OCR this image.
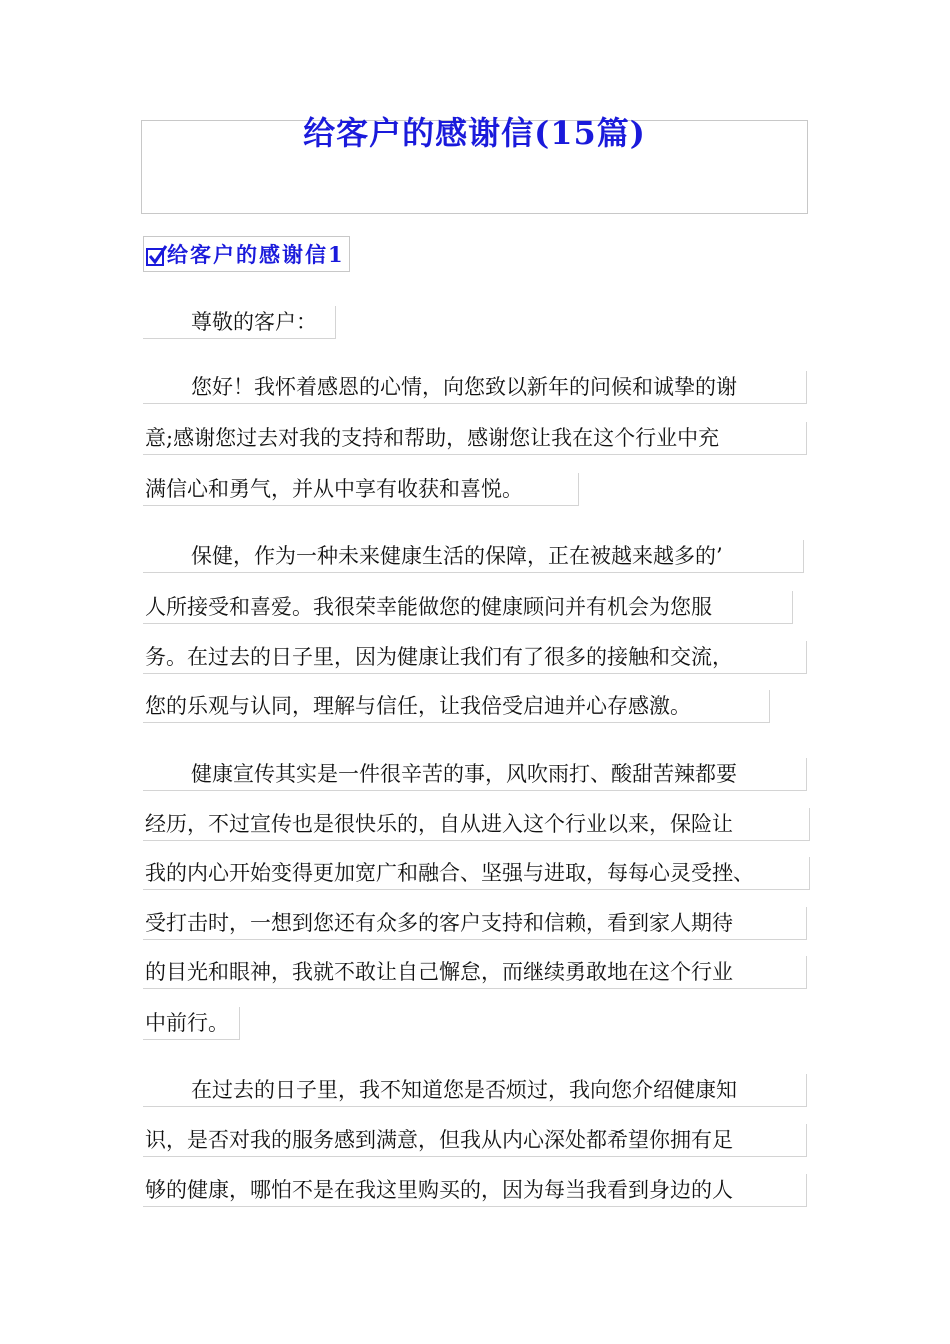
给客户的感谢信(15篇)
给客户的感谢信1
尊敬的客户：
您好！我怀着感恩的心情，向您致以新年的问候和诚挚的谢
意;感谢您过去对我的支持和帮助，感谢您让我在这个行业中充
满信心和勇气，并从中享有收获和喜悦。
保健，作为一种未来健康生活的保障，正在被越来越多的’
人所接受和喜爱。我很荣幸能做您的健康顾问并有机会为您服
务。在过去的日子里，因为健康让我们有了很多的接触和交流，
您的乐观与认同，理解与信任，让我倍受启迪并心存感激。
健康宣传其实是一件很辛苦的事，风吹雨打、酸甜苦辣都要
经历，不过宣传也是很快乐的，自从进入这个行业以来，保险让
我的内心开始变得更加宽广和融合、坚强与进取，每每心灵受挫、
受打击时，一想到您还有众多的客户支持和信赖，看到家人期待
的目光和眼神，我就不敢让自己懈怠，而继续勇敢地在这个行业
中前行。
在过去的日子里，我不知道您是否烦过，我向您介绍健康知
识，是否对我的服务感到满意，但我从内心深处都希望你拥有足
够的健康，哪怕不是在我这里购买的，因为每当我看到身边的人
